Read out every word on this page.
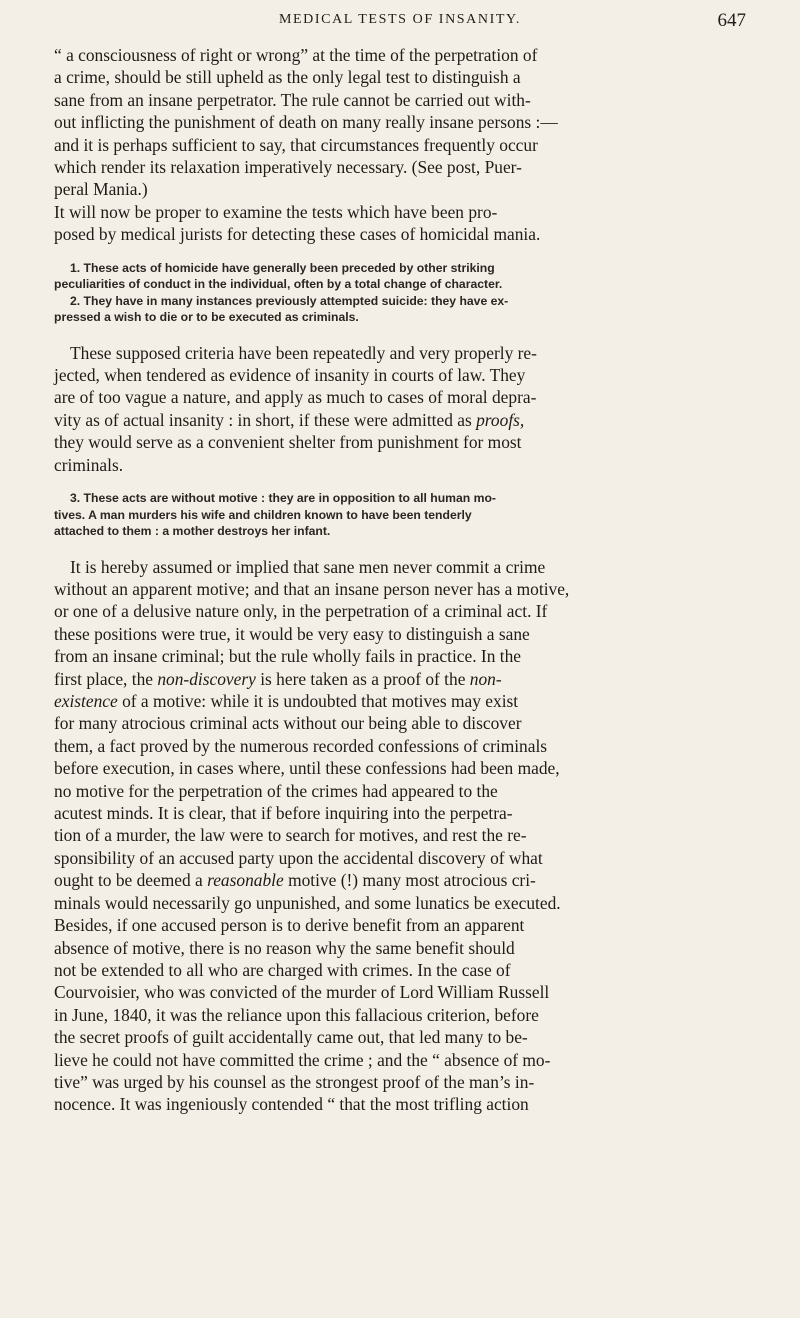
MEDICAL TESTS OF INSANITY.	647

“ a consciousness of right or wrong” at the time of the perpetration of
a crime, should be still upheld as the only legal test to distinguish a
sane from an insane perpetrator. The rule cannot be carried out with-
out inflicting the punishment of death on many really insane persons :—
and it is perhaps sufficient to say, that circumstances frequently occur
which render its relaxation imperatively necessary. (See post, Puer-
peral Mania.)

It will now be proper to examine the tests which have been pro-
posed by medical jurists for detecting these cases of homicidal mania.

1. These acts of homicide have generally been preceded by other striking
peculiarities of conduct in the individual, often by a total change of character.
2. They have in many instances previously attempted suicide: they have ex-
pressed a wish to die or to be executed as criminals.

These supposed criteria have been repeatedly and very properly re-
jected, when tendered as evidence of insanity in courts of law. They
are of too vague a nature, and apply as much to cases of moral depra-
vity as of actual insanity : in short, if these were admitted as proofs,
they would serve as a convenient shelter from punishment for most
criminals.

3. These acts are without motive : they are in opposition to all human mo-
tives. A man murders his wife and children known to have been tenderly
attached to them : a mother destroys her infant.

It is hereby assumed or implied that sane men never commit a crime
without an apparent motive; and that an insane person never has a motive,
or one of a delusive nature only, in the perpetration of a criminal act. If
these positions were true, it would be very easy to distinguish a sane
from an insane criminal; but the rule wholly fails in practice. In the
first place, the non-discovery is here taken as a proof of the non-
existence of a motive: while it is undoubted that motives may exist
for many atrocious criminal acts without our being able to discover
them, a fact proved by the numerous recorded confessions of criminals
before execution, in cases where, until these confessions had been made,
no motive for the perpetration of the crimes had appeared to the
acutest minds. It is clear, that if before inquiring into the perpetra-
tion of a murder, the law were to search for motives, and rest the re-
sponsibility of an accused party upon the accidental discovery of what
ought to be deemed a reasonable motive (!) many most atrocious cri-
minals would necessarily go unpunished, and some lunatics be executed.
Besides, if one accused person is to derive benefit from an apparent
absence of motive, there is no reason why the same benefit should
not be extended to all who are charged with crimes. In the case of
Courvoisier, who was convicted of the murder of Lord William Russell
in June, 1840, it was the reliance upon this fallacious criterion, before
the secret proofs of guilt accidentally came out, that led many to be-
lieve he could not have committed the crime ; and the “ absence of mo-
tive” was urged by his counsel as the strongest proof of the man’s in-
nocence. It was ingeniously contended “ that the most trifling action
